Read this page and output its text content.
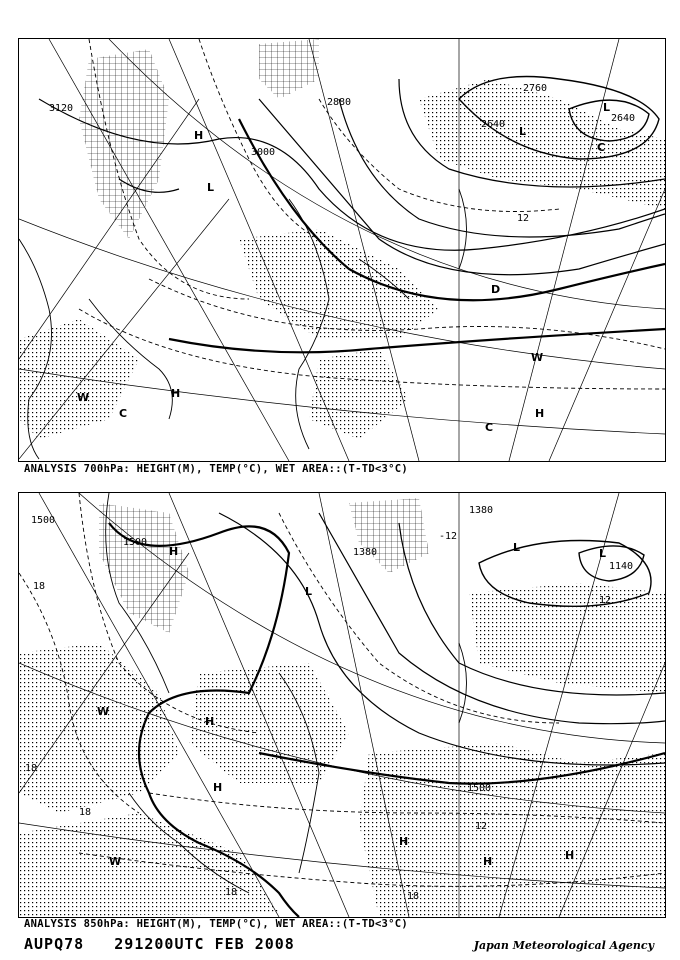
3120
3000
2880
2760
2640
2640
12
H
L
L
L
C
C
C
W
W
H
H
D
ANALYSIS 700hPa: HEIGHT(M), TEMP(°C), WET AREA::(T-TD<3°C)
1500
1500
1380
1380
1500
1140
18
18
18
18	18
12
-12
12
H
L
L	L
W
W
H
H
H
H	H
ANALYSIS 850hPa: HEIGHT(M), TEMP(°C), WET AREA::(T-TD<3°C)
AUPQ78 291200UTC FEB 2008	Japan Meteorological Agency
